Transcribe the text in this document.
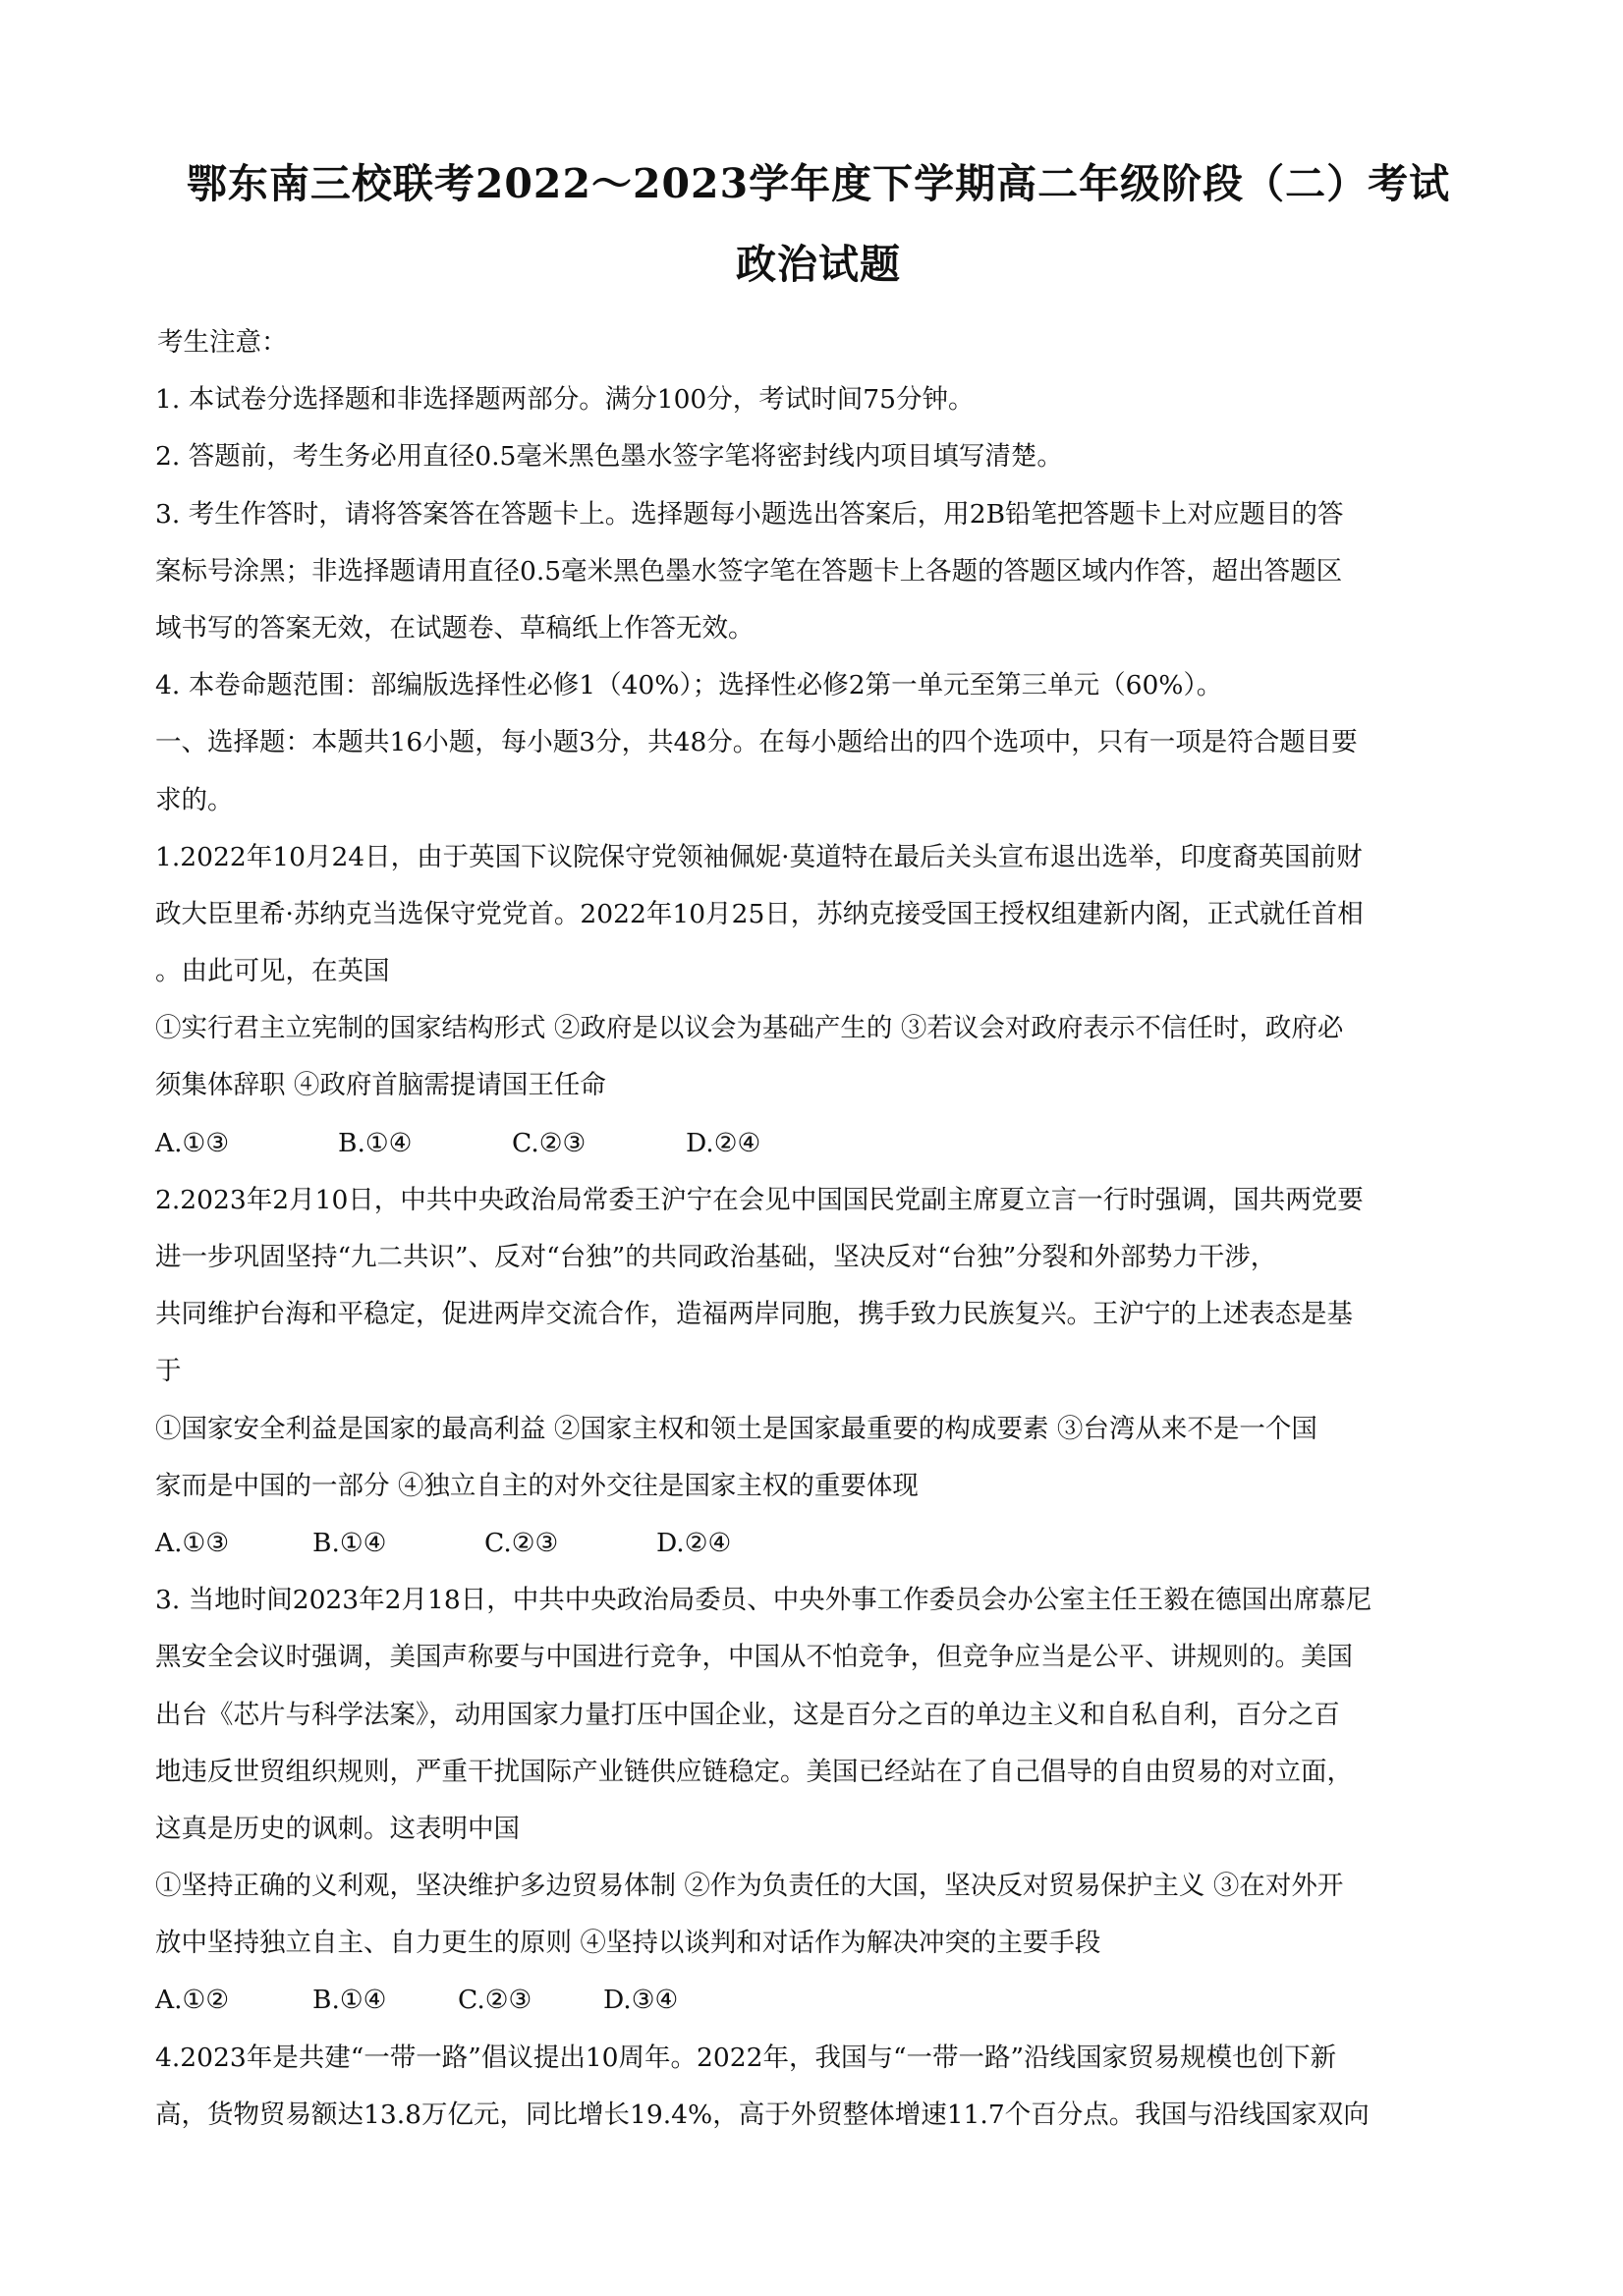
鄂东南三校联考2022～2023学年度下学期高二年级阶段（二）考试
政治试题
考生注意：
1. 本试卷分选择题和非选择题两部分。满分100分，考试时间75分钟。
2. 答题前，考生务必用直径0.5毫米黑色墨水签字笔将密封线内项目填写清楚。
3. 考生作答时，请将答案答在答题卡上。选择题每小题选出答案后，用2B铅笔把答题卡上对应题目的答
案标号涂黑；非选择题请用直径0.5毫米黑色墨水签字笔在答题卡上各题的答题区域内作答，超出答题区
域书写的答案无效，在试题卷、草稿纸上作答无效。
4. 本卷命题范围：部编版选择性必修1（40%）；选择性必修2第一单元至第三单元（60%）。
一、选择题：本题共16小题，每小题3分，共48分。在每小题给出的四个选项中，只有一项是符合题目要
求的。
1.2022年10月24日，由于英国下议院保守党领袖佩妮·莫道特在最后关头宣布退出选举，印度裔英国前财
政大臣里希·苏纳克当选保守党党首。2022年10月25日，苏纳克接受国王授权组建新内阁，正式就任首相
。由此可见，在英国
①实行君主立宪制的国家结构形式 ②政府是以议会为基础产生的 ③若议会对政府表示不信任时，政府必
须集体辞职 ④政府首脑需提请国王任命
A.①③	B.①④	C.②③	D.②④
2.2023年2月10日，中共中央政治局常委王沪宁在会见中国国民党副主席夏立言一行时强调，国共两党要
进一步巩固坚持“九二共识”、反对“台独”的共同政治基础，坚决反对“台独”分裂和外部势力干涉，
共同维护台海和平稳定，促进两岸交流合作，造福两岸同胞，携手致力民族复兴。王沪宁的上述表态是基
于
①国家安全利益是国家的最高利益 ②国家主权和领土是国家最重要的构成要素 ③台湾从来不是一个国
家而是中国的一部分 ④独立自主的对外交往是国家主权的重要体现
A.①③	B.①④	C.②③	D.②④
3. 当地时间2023年2月18日，中共中央政治局委员、中央外事工作委员会办公室主任王毅在德国出席慕尼
黑安全会议时强调，美国声称要与中国进行竞争，中国从不怕竞争，但竞争应当是公平、讲规则的。美国
出台《芯片与科学法案》，动用国家力量打压中国企业，这是百分之百的单边主义和自私自利，百分之百
地违反世贸组织规则，严重干扰国际产业链供应链稳定。美国已经站在了自己倡导的自由贸易的对立面，
这真是历史的讽刺。这表明中国
①坚持正确的义利观，坚决维护多边贸易体制 ②作为负责任的大国，坚决反对贸易保护主义 ③在对外开
放中坚持独立自主、自力更生的原则 ④坚持以谈判和对话作为解决冲突的主要手段
A.①②	B.①④	C.②③	D.③④
4.2023年是共建“一带一路”倡议提出10周年。2022年，我国与“一带一路”沿线国家贸易规模也创下新
高，货物贸易额达13.8万亿元，同比增长19.4%，高于外贸整体增速11.7个百分点。我国与沿线国家双向
